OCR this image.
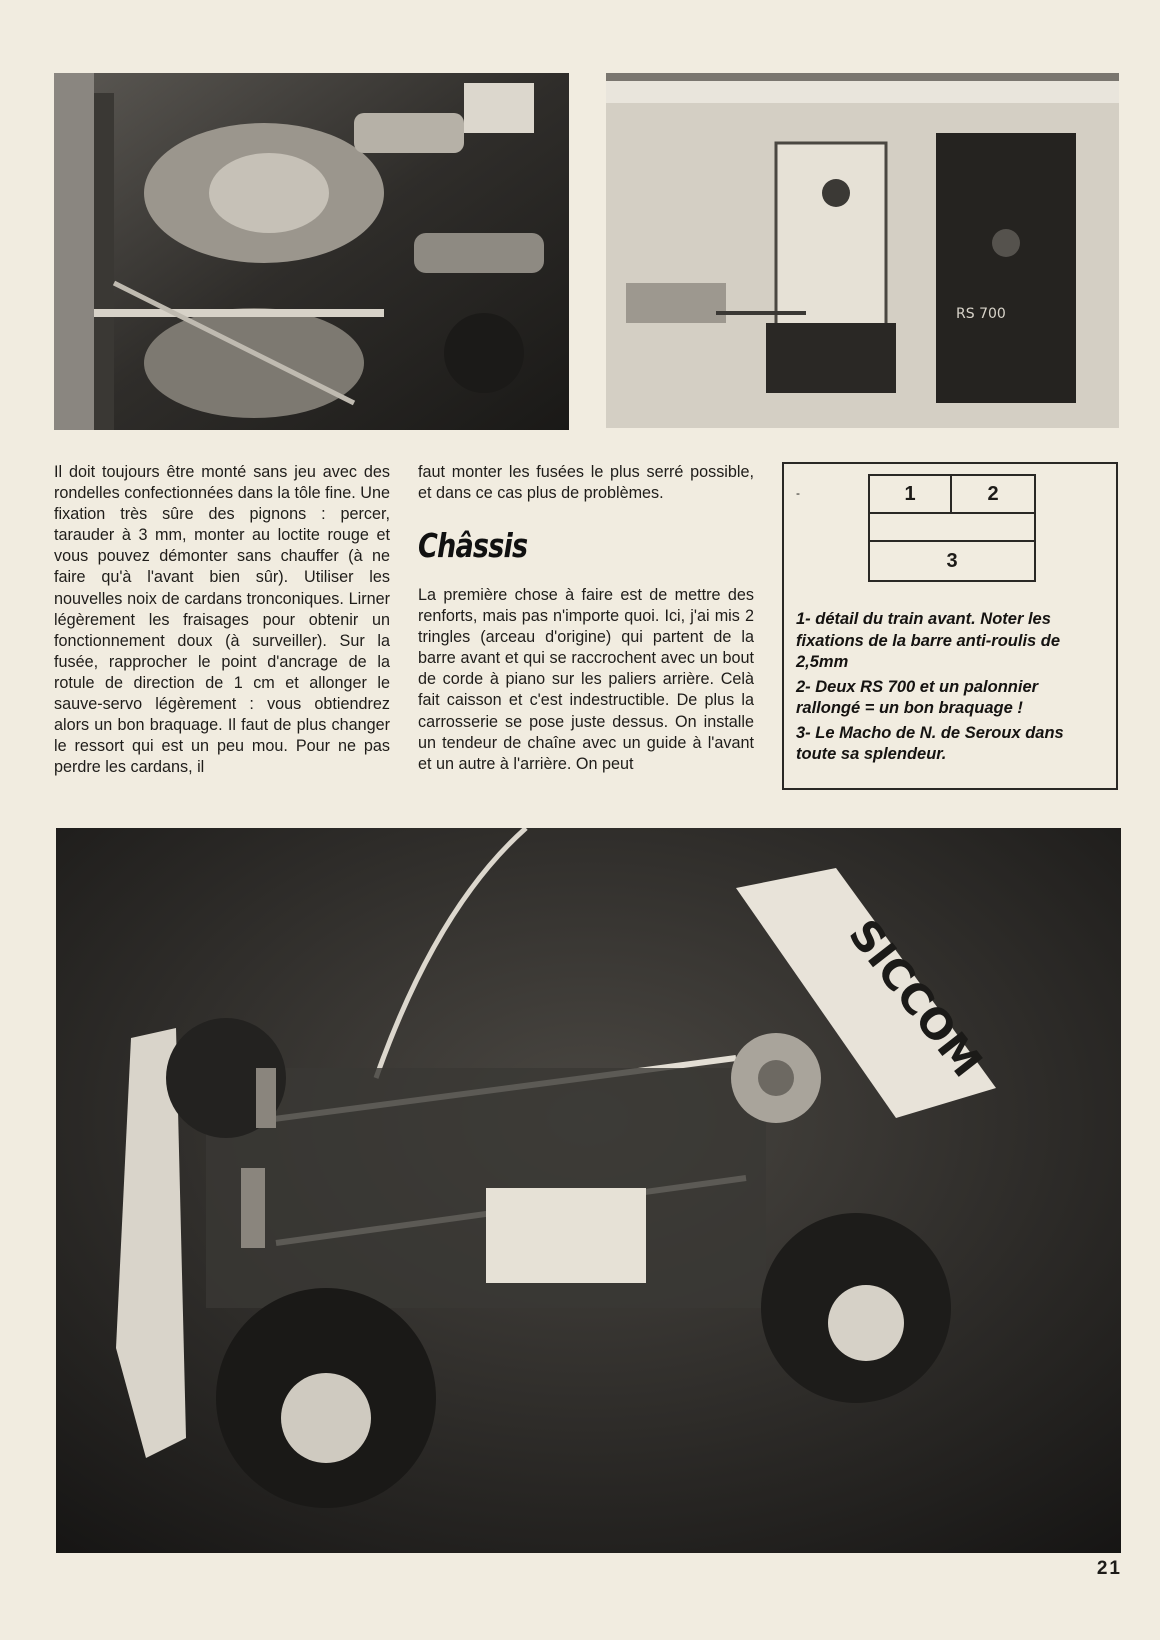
RS 700

Il doit toujours être monté sans jeu avec des rondelles confectionnées dans la tôle fine. Une fixation très sûre des pignons : percer, tarauder à 3 mm, monter au loctite rouge et vous pouvez démonter sans chauffer (à ne faire qu'à l'avant bien sûr). Utiliser les nouvelles noix de cardans tronconiques. Lirner légèrement les fraisages pour obtenir un fonctionnement doux (à surveiller). Sur la fusée, rapprocher le point d'ancrage de la rotule de direction de 1 cm et allonger le sauve-servo légèrement : vous obtiendrez alors un bon braquage. Il faut de plus changer le ressort qui est un peu mou. Pour ne pas perdre les cardans, il

faut monter les fusées le plus serré possible, et dans ce cas plus de problèmes.

Châssis

La première chose à faire est de mettre des renforts, mais pas n'importe quoi. Ici, j'ai mis 2 tringles (arceau d'origine) qui partent de la barre avant et qui se raccrochent avec un bout de corde à piano sur les paliers arrière. Celà fait caisson et c'est indestructible. De plus la carrosserie se pose juste dessus. On installe un tendeur de chaîne avec un guide à l'avant et un autre à l'arrière. On peut

-	1	2
3

1- détail du train avant. Noter les fixations de la barre anti-roulis de 2,5mm

2- Deux RS 700 et un palonnier rallongé = un bon braquage !

3- Le Macho de N. de Seroux dans toute sa splendeur.

SICCOM
21
